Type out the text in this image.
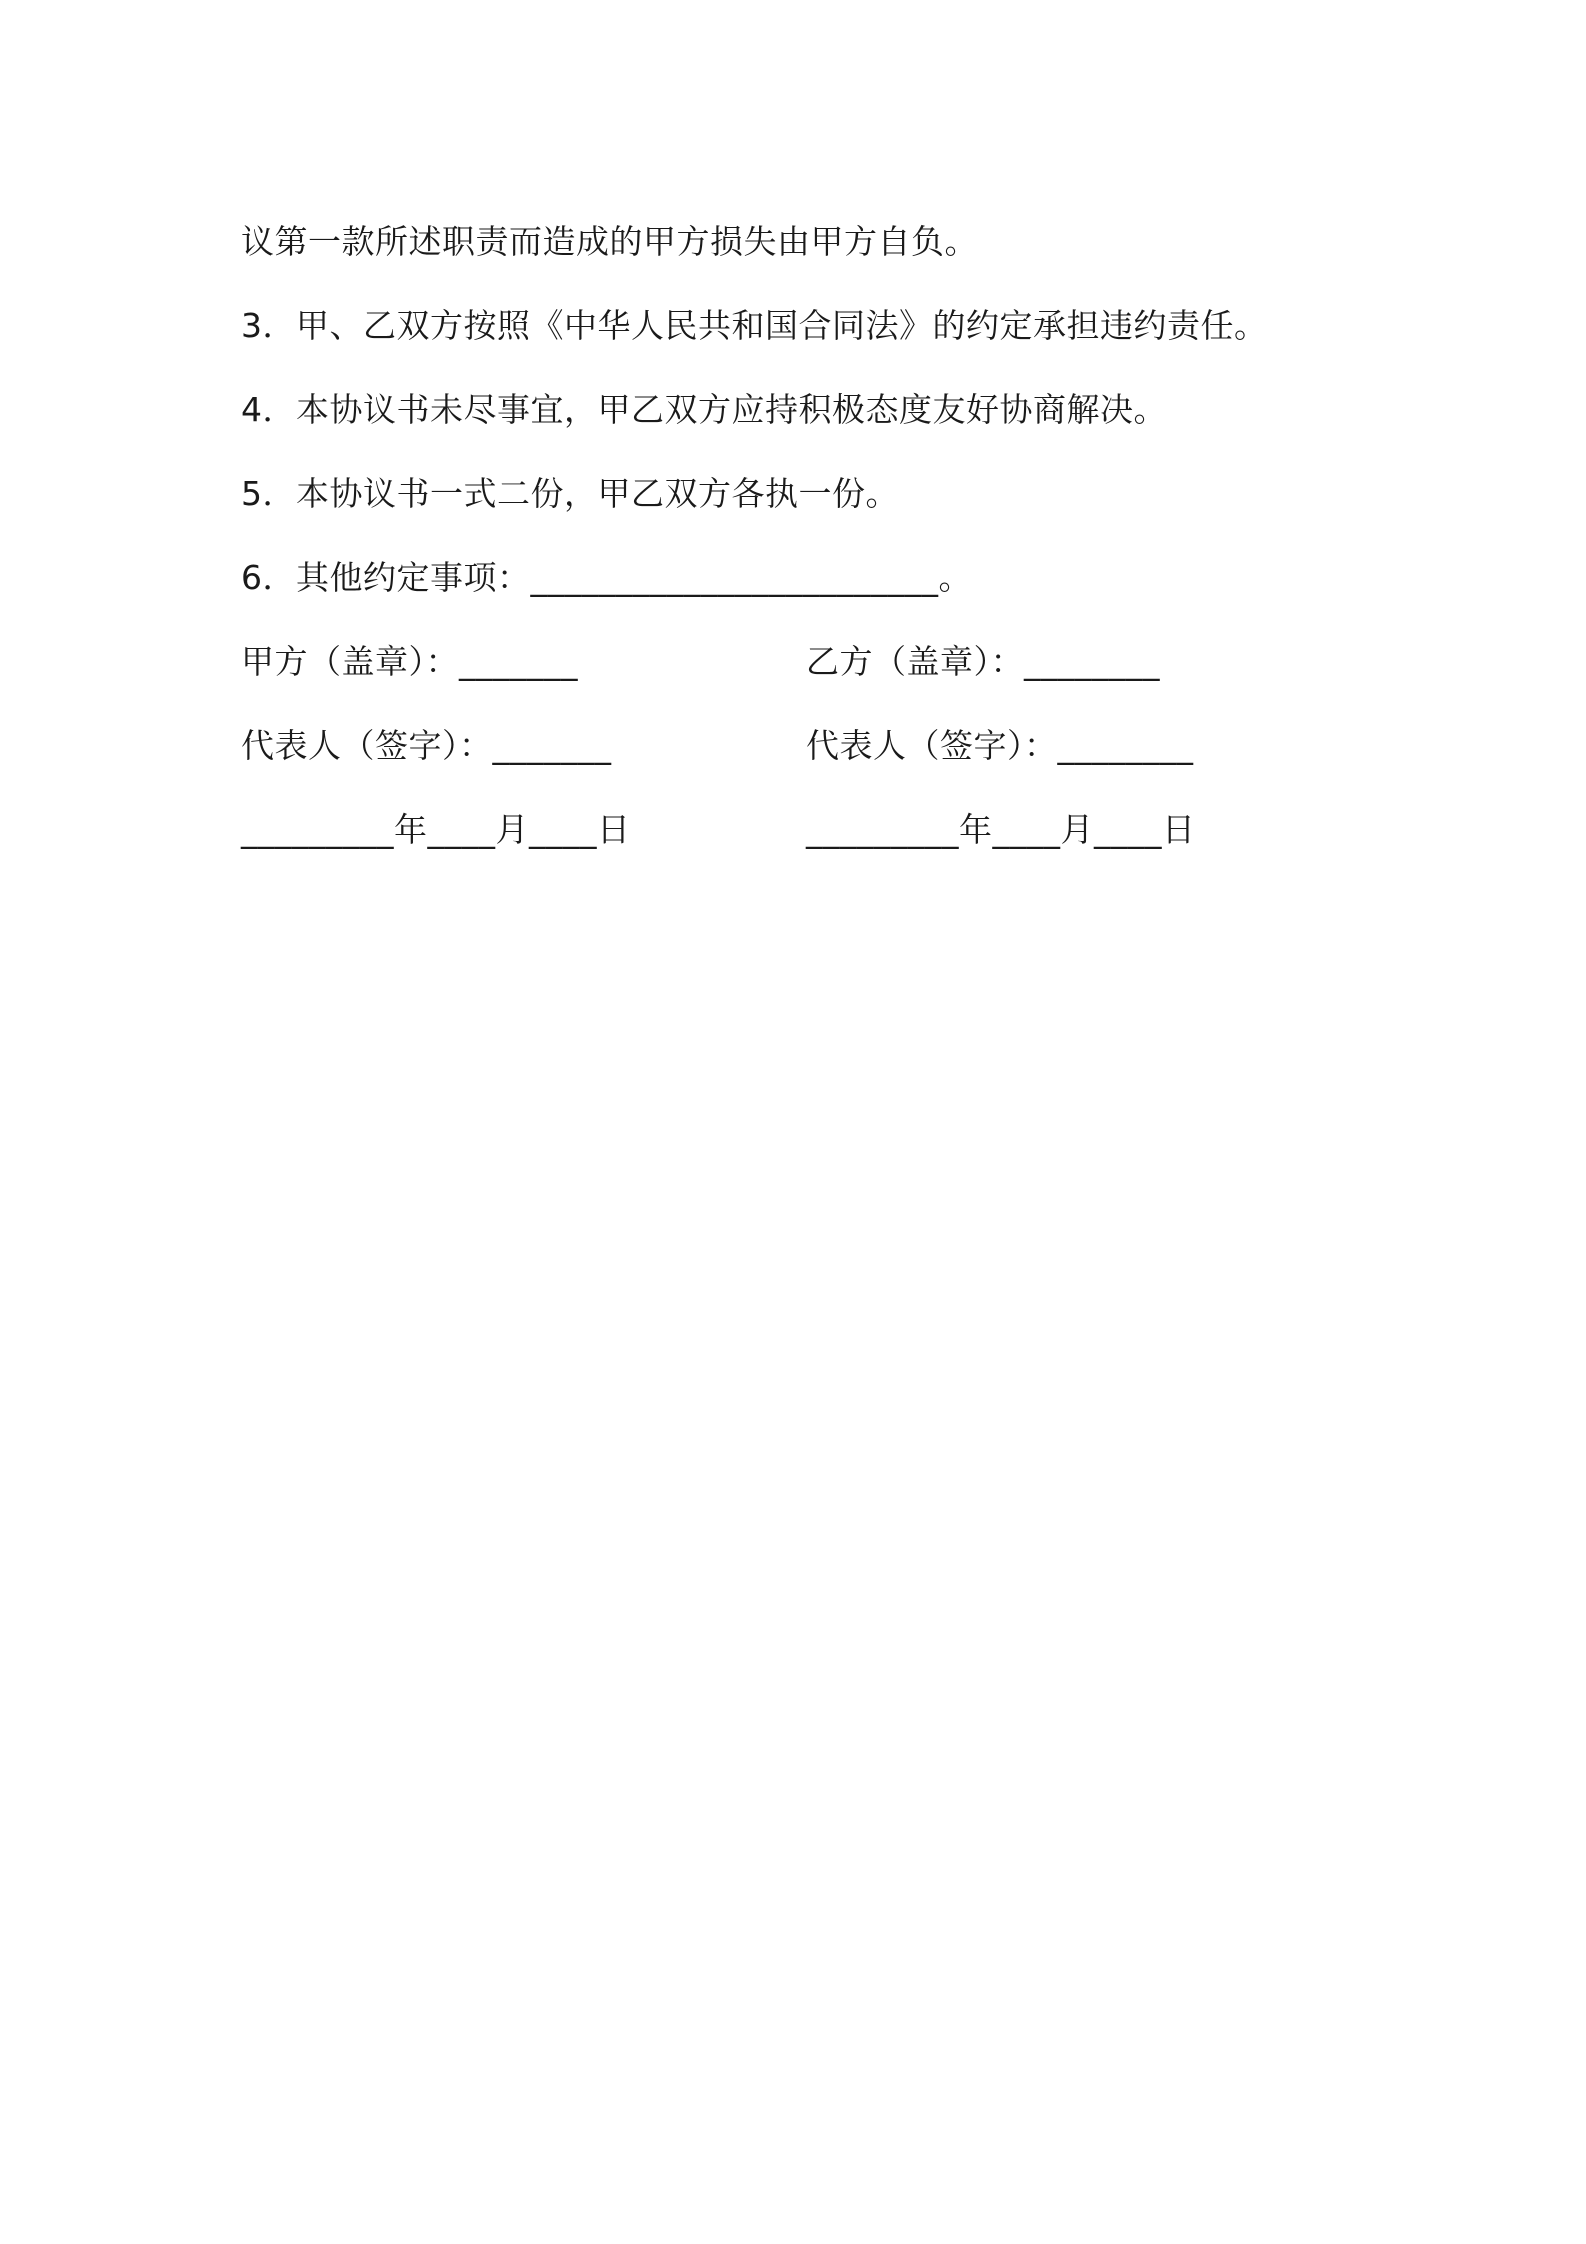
议第一款所述职责而造成的甲方损失由甲方自负。
3．甲、乙双方按照《中华人民共和国合同法》的约定承担违约责任。
4．本协议书未尽事宜，甲乙双方应持积极态度友好协商解决。
5．本协议书一式二份，甲乙双方各执一份。
6．其他约定事项：________________________。
甲方（盖章）：_______	乙方（盖章）：________
代表人（签字）：_______	代表人（签字）：________
_________年____月____日	_________年____月____日
